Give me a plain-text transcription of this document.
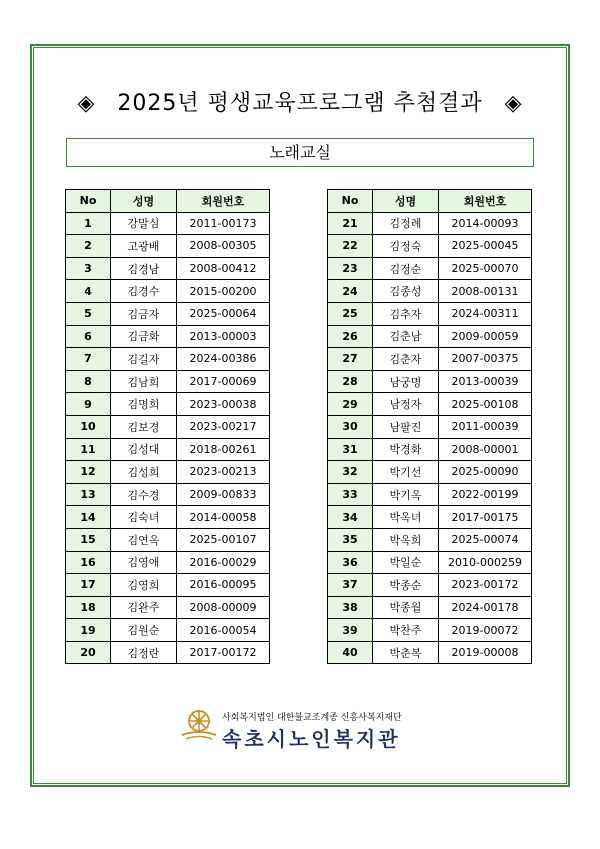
◈ 2025년 평생교육프로그램 추첨결과 ◈
노래교실
No	성명	회원번호
1	강말심	2011-00173
2	고광배	2008-00305
3	김경남	2008-00412
4	김경수	2015-00200
5	김금자	2025-00064
6	김금화	2013-00003
7	김길자	2024-00386
8	김남희	2017-00069
9	김명희	2023-00038
10	김보경	2023-00217
11	김성대	2018-00261
12	김성희	2023-00213
13	김수경	2009-00833
14	김숙녀	2014-00058
15	김연옥	2025-00107
16	김영애	2016-00029
17	김영희	2016-00095
18	김완주	2008-00009
19	김원순	2016-00054
20	김정란	2017-00172
No	성명	회원번호
21	김정례	2014-00093
22	김정숙	2025-00045
23	김정순	2025-00070
24	김종성	2008-00131
25	김추자	2024-00311
26	김춘남	2009-00059
27	김춘자	2007-00375
28	남궁명	2013-00039
29	남정자	2025-00108
30	남팔진	2011-00039
31	박경화	2008-00001
32	박기선	2025-00090
33	박기옥	2022-00199
34	박옥녀	2017-00175
35	박옥희	2025-00074
36	박일순	2010-000259
37	박종순	2023-00172
38	박종월	2024-00178
39	박찬주	2019-00072
40	박춘복	2019-00008
사회복지법인 대한불교조계종 신흥사복지재단
속초시노인복지관
